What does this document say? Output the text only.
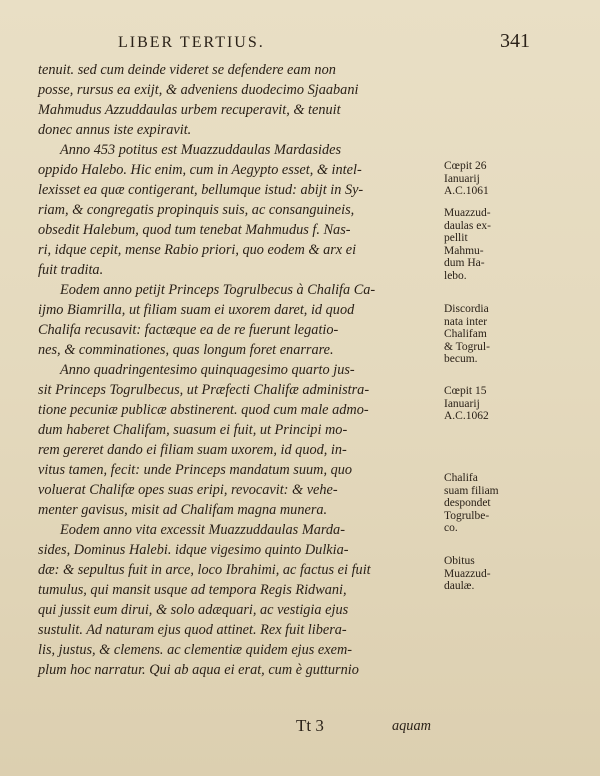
LIBER TERTIUS.	341
tenuit. sed cum deinde videret se defendere eam non
posse, rursus ea exijt, & adveniens duodecimo Sjaabani
Mahmudus Azzuddaulas urbem recuperavit, & tenuit
donec annus iste expiravit.
Anno 453 potitus est Muazzuddaulas Mardasides
oppido Halebo. Hic enim, cum in Aegypto esset, & intel-
lexisset ea quæ contigerant, bellumque istud: abijt in Sy-
riam, & congregatis propinquis suis, ac consanguineis,
obsedit Halebum, quod tum tenebat Mahmudus f. Nas-
ri, idque cepit, mense Rabio priori, quo eodem & arx ei
fuit tradita.
Eodem anno petijt Princeps Togrulbecus à Chalifa Ca-
ijmo Biamrilla, ut filiam suam ei uxorem daret, id quod
Chalifa recusavit: factæque ea de re fuerunt legatio-
nes, & comminationes, quas longum foret enarrare.
Anno quadringentesimo quinquagesimo quarto jus-
sit Princeps Togrulbecus, ut Præfecti Chalifæ administra-
tione pecuniæ publicæ abstinerent. quod cum male admo-
dum haberet Chalifam, suasum ei fuit, ut Principi mo-
rem gereret dando ei filiam suam uxorem, id quod, in-
vitus tamen, fecit: unde Princeps mandatum suum, quo
voluerat Chalifæ opes suas eripi, revocavit: & vehe-
menter gavisus, misit ad Chalifam magna munera.
Eodem anno vita excessit Muazzuddaulas Marda-
sides, Dominus Halebi. idque vigesimo quinto Dulkia-
dæ: & sepultus fuit in arce, loco Ibrahimi, ac factus ei fuit
tumulus, qui mansit usque ad tempora Regis Ridwani,
qui jussit eum dirui, & solo adæquari, ac vestigia ejus
sustulit. Ad naturam ejus quod attinet. Rex fuit libera-
lis, justus, & clemens. ac clementiæ quidem ejus exem-
plum hoc narratur. Qui ab aqua ei erat, cum è gutturnio
Cœpit 26
Ianuarij
A.C.1061
Muazzud-
daulas ex-
pellit
Mahmu-
dum Ha-
lebo.
Discordia
nata inter
Chalifam
& Togrul-
becum.
Cœpit 15
Ianuarij
A.C.1062
Chalifa
suam filiam
despondet
Togrulbe-
co.
Obitus
Muazzud-
daulæ.
Tt 3	aquam
